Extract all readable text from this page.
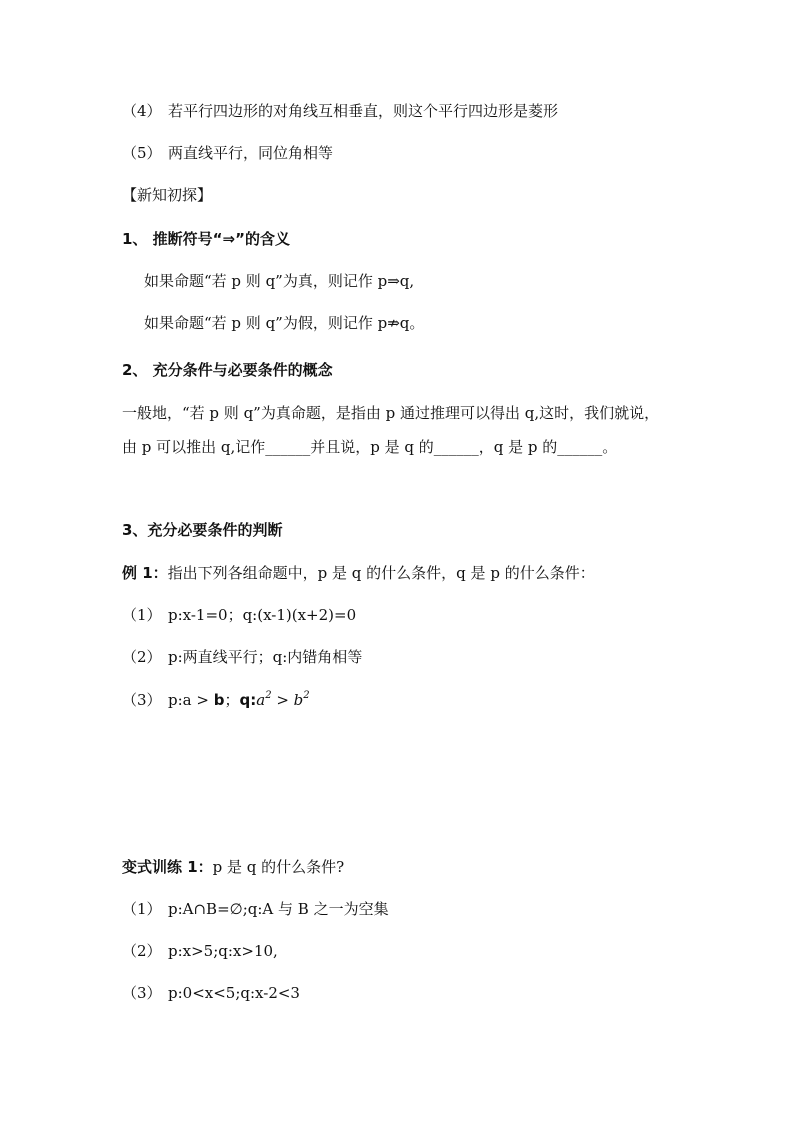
（4） 若平行四边形的对角线互相垂直，则这个平行四边形是菱形
（5） 两直线平行，同位角相等
【新知初探】
1、 推断符号“⇒”的含义
如果命题“若 p 则 q”为真，则记作 p⇒q,
如果命题“若 p 则 q”为假，则记作 p⇏q。
2、 充分条件与必要条件的概念
一般地，“若 p 则 q”为真命题，是指由 p 通过推理可以得出 q,这时，我们就说，
由 p 可以推出 q,记作______并且说，p 是 q 的______，q 是 p 的______。
3、充分必要条件的判断
例 1：指出下列各组命题中，p 是 q 的什么条件，q 是 p 的什么条件：
（1） p:x-1=0；q:(x-1)(x+2)=0
（2） p:两直线平行；q:内错角相等
（3） p:a > b；$q:a^2 > b^2$
变式训练 1：p 是 q 的什么条件?
（1） p:A∩B=∅;q:A 与 B 之一为空集
（2） p:x>5;q:x>10,
（3） p:0<x<5;q:x-2<3
